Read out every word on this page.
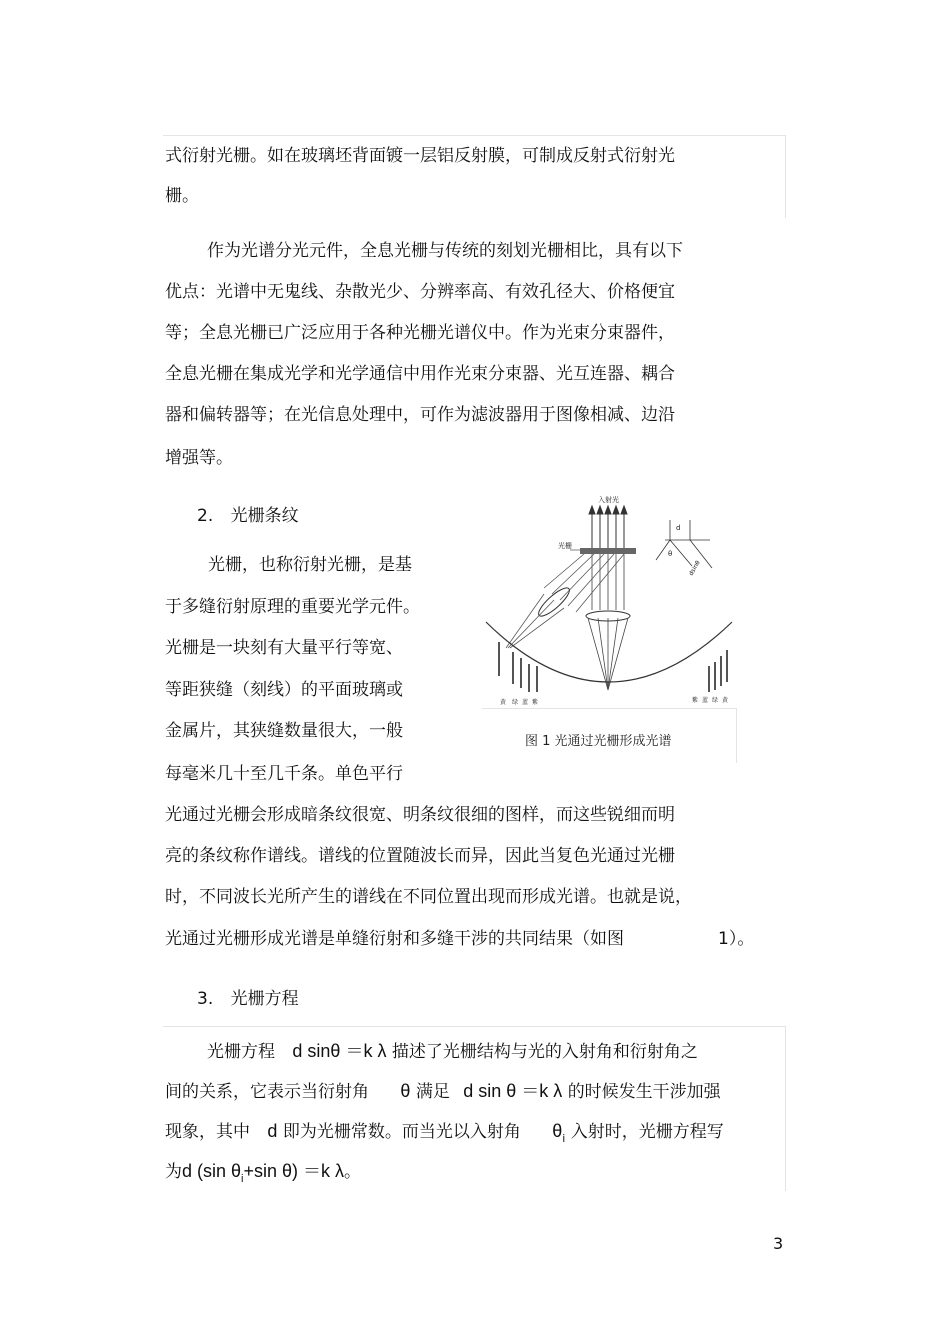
式衍射光栅。如在玻璃坯背面镀一层铝反射膜，可制成反射式衍射光
栅。
作为光谱分光元件，全息光栅与传统的刻划光栅相比，具有以下
优点：光谱中无鬼线、杂散光少、分辨率高、有效孔径大、价格便宜
等；全息光栅已广泛应用于各种光栅光谱仪中。作为光束分束器件，
全息光栅在集成光学和光学通信中用作光束分束器、光互连器、耦合
器和偏转器等；在光信息处理中，可作为滤波器用于图像相减、边沿
增强等。
2. 光栅条纹
光栅，也称衍射光栅，是基
于多缝衍射原理的重要光学元件。
光栅是一块刻有大量平行等宽、
等距狭缝（刻线）的平面玻璃或
金属片，其狭缝数量很大，一般
每毫米几十至几千条。单色平行
入射光
光栅
d
θ
dsinθ
黄 绿 蓝 紫	紫 蓝 绿 黄
图 1 光通过光栅形成光谱
光通过光栅会形成暗条纹很宽、明条纹很细的图样，而这些锐细而明
亮的条纹称作谱线。谱线的位置随波长而异，因此当复色光通过光栅
时，不同波长光所产生的谱线在不同位置出现而形成光谱。也就是说，
光通过光栅形成光谱是单缝衍射和多缝干涉的共同结果（如图	1）。
3. 光栅方程
光栅方程 d sinθ ＝k λ 描述了光栅结构与光的入射角和衍射角之
间的关系，它表示当衍射角 θ 满足 d sin θ ＝k λ 的时候发生干涉加强
现象，其中 d 即为光栅常数。而当光以入射角 $\theta_i$ 入射时，光栅方程写
为d (sin $\theta_i+\sin$ θ) ＝k λ。
3
